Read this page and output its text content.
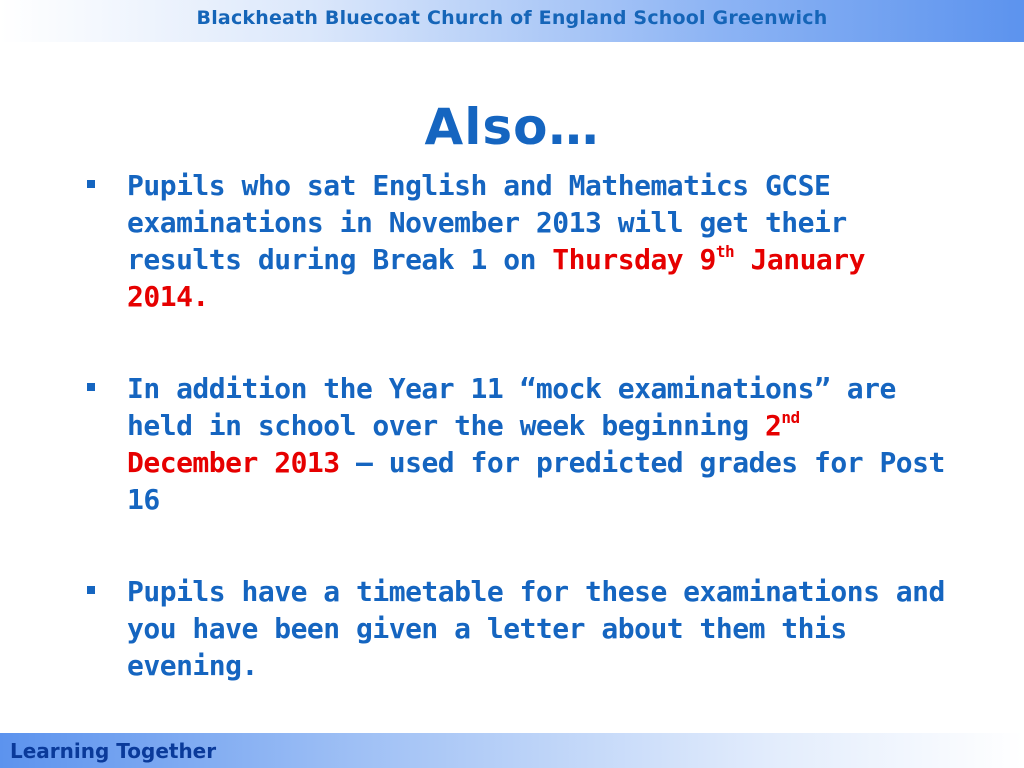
Blackheath Bluecoat Church of England School Greenwich
Also…
Pupils who sat English and Mathematics GCSE examinations in November 2013 will get their results during Break 1 on Thursday 9th January 2014.
In addition the Year 11 “mock examinations” are held in school over the week beginning 2nd December 2013 – used for predicted grades for Post 16
Pupils have a timetable for these examinations and you have been given a letter about them this evening.
Learning Together
